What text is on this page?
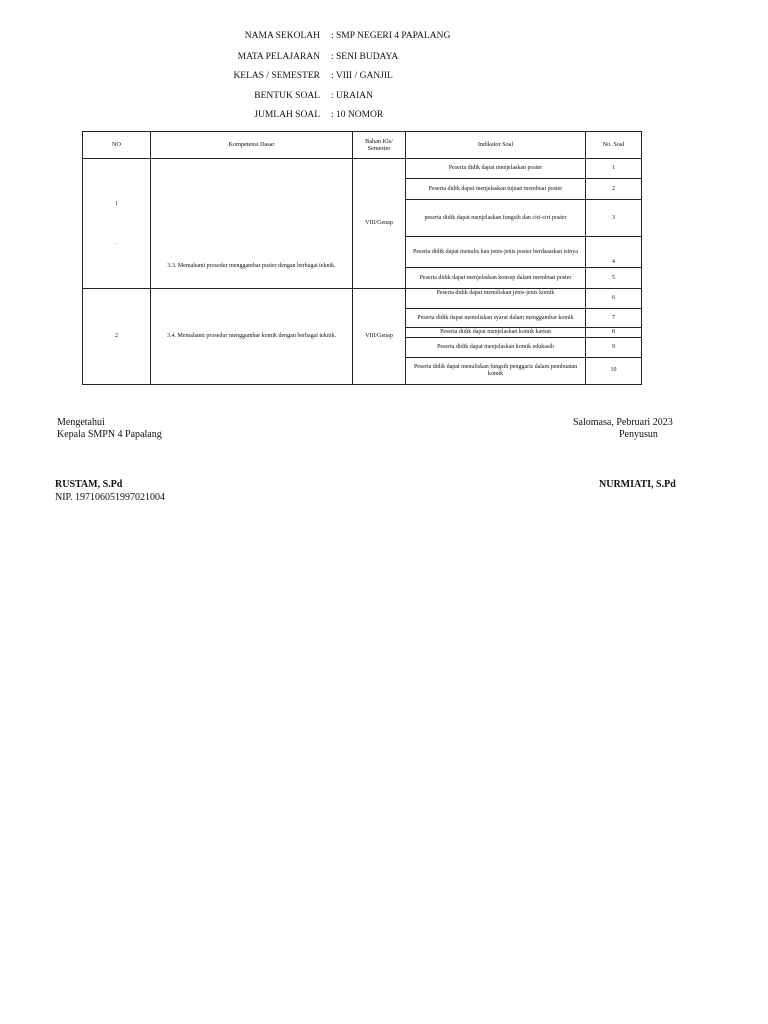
NAMA SEKOLAH : SMP NEGERI 4 PAPALANG
MATA PELAJARAN : SENI BUDAYA
KELAS / SEMESTER : VIII / GANJIL
BENTUK SOAL : URAIAN
JUMLAH SOAL : 10 NOMOR
NO	Kompetensi Dasar	Bahan Kls/ Semester	Indikator Soal	No. Soal

1
.	3.3. Memahami prosedur menggambar poster dengan berbagai teknik.	VIII/Genap	Peserta didik dapat menjelaskan poster	1
			Peserta didik dapat menjelaskan tujuan membuat poster	2
			peserta didik dapat menjelaskan fungsih dan ciri-ciri poster	3
			Peserta didik dapat menulis kan jenis-jenis poster berdasarkan isinya	4
			Peserta didik dapat menjelaskan konsep dalam membuat poster	5

2	3.4. Memahami prosedur menggambar komik dengan berbagai teknik.	VIII/Genap	Peserta didik dapat menuliskan jenis-jenis komik	6
			Peserta didik dapat menuliskan syarat dalam menggambar komik	7
			Peserta didik dapat menjelaskan komik kartun	8
			Peserta didik dapat menjelaskan komik edukasih	9
			Peserta didik dapat menuliskan fungsih penggaris dalam pembuatan komik	10
Mengetahui
Kepala SMPN 4 Papalang
RUSTAM, S.Pd
NIP. 197106051997021004
Salomasa, Pebruari 2023
Penyusun
NURMIATI, S.Pd
